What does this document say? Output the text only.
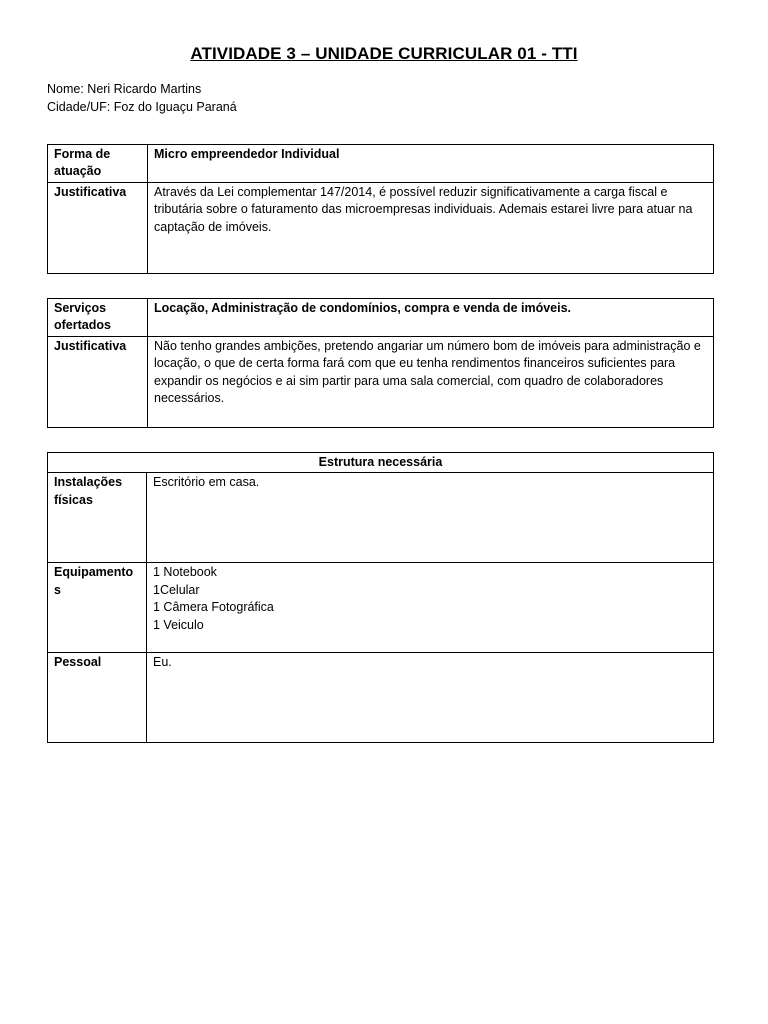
ATIVIDADE 3 – UNIDADE CURRICULAR 01 - TTI
Nome: Neri Ricardo Martins
Cidade/UF: Foz do Iguaçu Paraná
Forma de atuação	Micro empreendedor Individual
Justificativa	Através da Lei complementar 147/2014, é possível reduzir significativamente a carga fiscal e tributária sobre o faturamento das microempresas individuais. Ademais estarei livre para atuar na captação de imóveis.
Serviços ofertados	Locação, Administração de condomínios, compra e venda de imóveis.
Justificativa	Não tenho grandes ambições, pretendo angariar um número bom de imóveis para administração e locação, o que de certa forma fará com que eu tenha rendimentos financeiros suficientes para expandir os negócios e ai sim partir para uma sala comercial, com quadro de colaboradores necessários.
Estrutura necessária	
Instalações físicas	Escritório em casa.
Equipamentos	1 Notebook
1Celular
1 Câmera Fotográfica
1 Veiculo

Pessoal	Eu.
